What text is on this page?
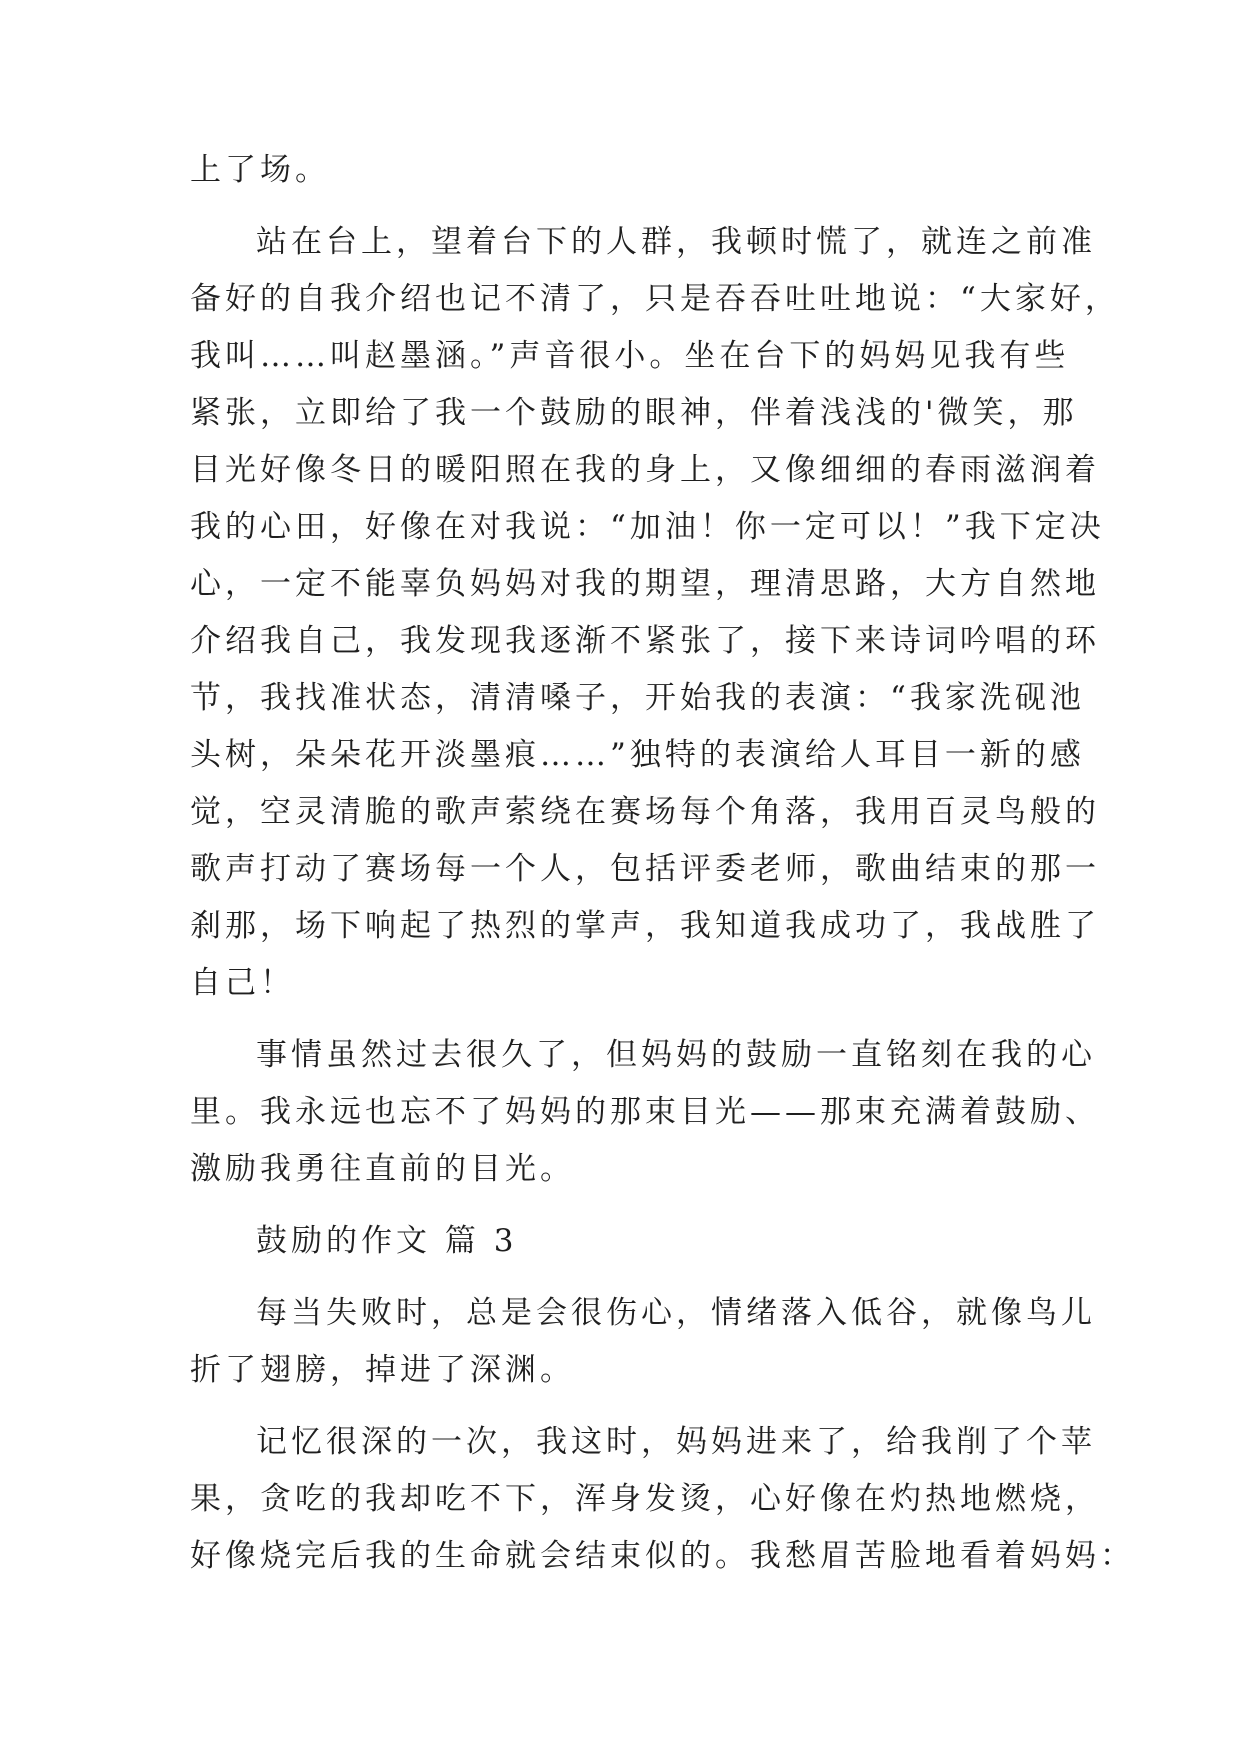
上了场。
站在台上，望着台下的人群，我顿时慌了，就连之前准
备好的自我介绍也记不清了，只是吞吞吐吐地说：“大家好，
我叫……叫赵墨涵。”声音很小。坐在台下的妈妈见我有些
紧张，立即给了我一个鼓励的眼神，伴着浅浅的'微笑，那
目光好像冬日的暖阳照在我的身上，又像细细的春雨滋润着
我的心田，好像在对我说：“加油！你一定可以！”我下定决
心，一定不能辜负妈妈对我的期望，理清思路，大方自然地
介绍我自己，我发现我逐渐不紧张了，接下来诗词吟唱的环
节，我找准状态，清清嗓子，开始我的表演：“我家洗砚池
头树，朵朵花开淡墨痕……”独特的表演给人耳目一新的感
觉，空灵清脆的歌声萦绕在赛场每个角落，我用百灵鸟般的
歌声打动了赛场每一个人，包括评委老师，歌曲结束的那一
刹那，场下响起了热烈的掌声，我知道我成功了，我战胜了
自己！
事情虽然过去很久了，但妈妈的鼓励一直铭刻在我的心
里。我永远也忘不了妈妈的那束目光——那束充满着鼓励、
激励我勇往直前的目光。
鼓励的作文 篇 3
每当失败时，总是会很伤心，情绪落入低谷，就像鸟儿
折了翅膀，掉进了深渊。
记忆很深的一次，我这时，妈妈进来了，给我削了个苹
果，贪吃的我却吃不下，浑身发烫，心好像在灼热地燃烧，
好像烧完后我的生命就会结束似的。我愁眉苦脸地看着妈妈：
